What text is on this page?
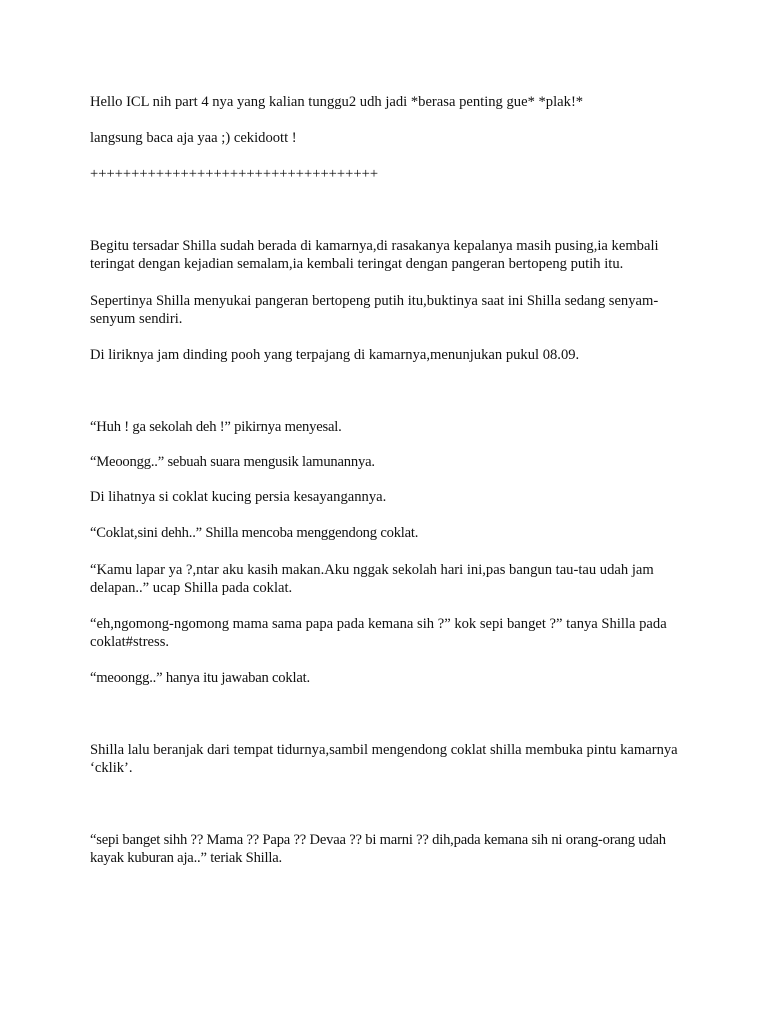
Hello ICL nih part 4 nya yang kalian tunggu2 udh jadi *berasa penting gue* *plak!*

langsung baca aja yaa ;) cekidoott !

+++++++++++++++++++++++++++++++++++

Begitu tersadar Shilla sudah berada di kamarnya,di rasakanya kepalanya masih pusing,ia kembali teringat dengan kejadian semalam,ia kembali teringat dengan pangeran bertopeng putih itu.

Sepertinya Shilla menyukai pangeran bertopeng putih itu,buktinya saat ini Shilla sedang senyam-senyum sendiri.

Di liriknya jam dinding pooh yang terpajang di kamarnya,menunjukan pukul 08.09.

“Huh ! ga sekolah deh !” pikirnya menyesal.

“Meoongg..” sebuah suara mengusik lamunannya.

Di lihatnya si coklat kucing persia kesayangannya.

“Coklat,sini dehh..” Shilla mencoba menggendong coklat.

“Kamu lapar ya ?,ntar aku kasih makan.Aku nggak sekolah hari ini,pas bangun tau-tau udah jam delapan..” ucap Shilla pada coklat.

“eh,ngomong-ngomong mama sama papa pada kemana sih ?” kok sepi banget ?” tanya Shilla pada coklat#stress.

“meoongg..” hanya itu jawaban coklat.

Shilla lalu beranjak dari tempat tidurnya,sambil mengendong coklat shilla membuka pintu kamarnya ‘cklik’.

“sepi banget sihh ?? Mama ?? Papa ?? Devaa ?? bi marni ?? dih,pada kemana sih ni orang-orang udah kayak kuburan aja..” teriak Shilla.
